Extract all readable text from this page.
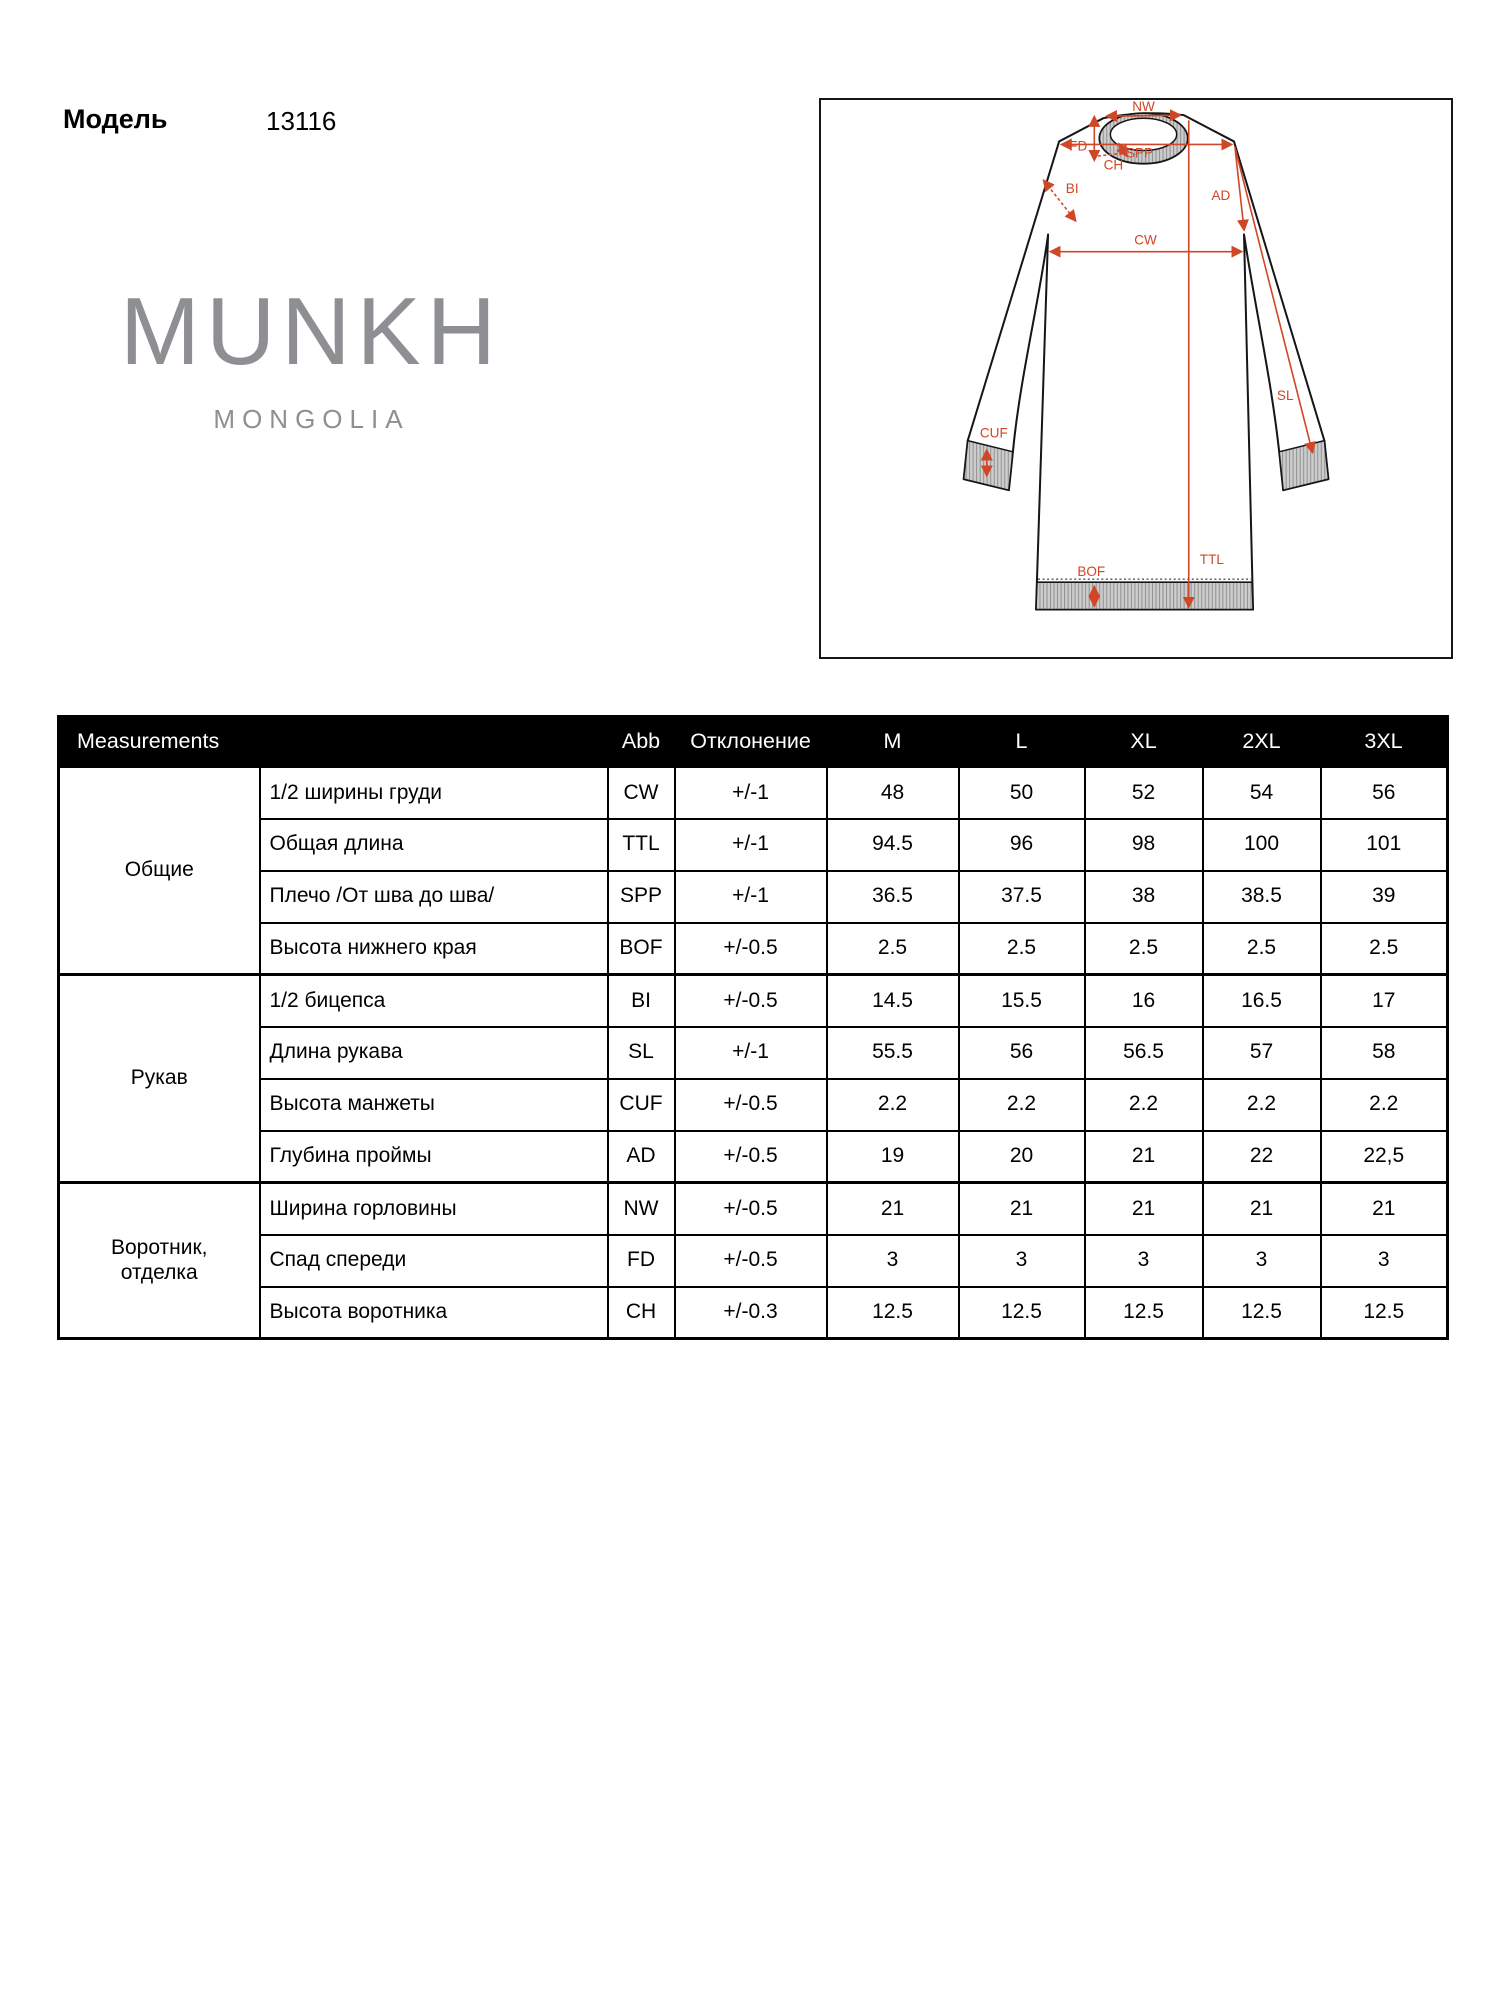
Модель	13116
MUNKH
MONGOLIA
NW
SPP
FD
CH
BI	AD
CW
SL
CUF
BOF
TTL
Measurements		Abb	Отклонение	M	L	XL	2XL	3XL

Общие	1/2 ширины груди	CW	+/-1	48	50	52	54	56
	Общая длина	TTL	+/-1	94.5	96	98	100	101
	Плечо /От шва до шва/	SPP	+/-1	36.5	37.5	38	38.5	39
	Высота нижнего края	BOF	+/-0.5	2.5	2.5	2.5	2.5	2.5

Рукав	1/2 бицепса	BI	+/-0.5	14.5	15.5	16	16.5	17
	Длина рукава	SL	+/-1	55.5	56	56.5	57	58
	Высота манжеты	CUF	+/-0.5	2.2	2.2	2.2	2.2	2.2
	Глубина проймы	AD	+/-0.5	19	20	21	22	22,5

Воротник, отделка	Ширина горловины	NW	+/-0.5	21	21	21	21	21
	Спад спереди	FD	+/-0.5	3	3	3	3	3
	Высота воротника	CH	+/-0.3	12.5	12.5	12.5	12.5	12.5
